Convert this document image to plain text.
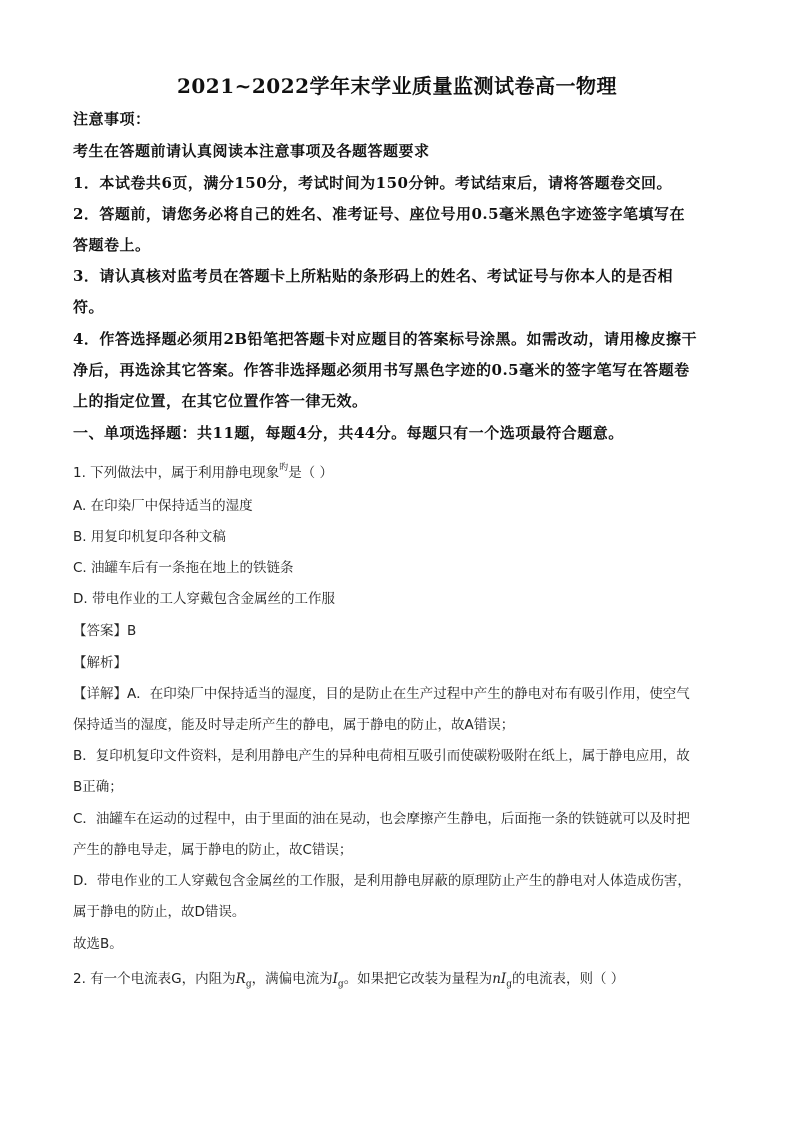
2021~2022学年末学业质量监测试卷高一物理
注意事项：
考生在答题前请认真阅读本注意事项及各题答题要求
1．本试卷共6页，满分150分，考试时间为150分钟。考试结束后，请将答题卷交回。
2．答题前，请您务必将自己的姓名、准考证号、座位号用0.5毫米黑色字迹签字笔填写在
答题卷上。
3．请认真核对监考员在答题卡上所粘贴的条形码上的姓名、考试证号与你本人的是否相
符。
4．作答选择题必须用2B铅笔把答题卡对应题目的答案标号涂黑。如需改动，请用橡皮擦干
净后，再选涂其它答案。作答非选择题必须用书写黑色字迹的0.5毫米的签字笔写在答题卷
上的指定位置，在其它位置作答一律无效。
一、单项选择题：共11题，每题4分，共44分。每题只有一个选项最符合题意。
1. 下列做法中，属于利用静电现象$^旳$是（ ）
A. 在印染厂中保持适当的湿度
B. 用复印机复印各种文稿
C. 油罐车后有一条拖在地上的铁链条
D. 带电作业的工人穿戴包含金属丝的工作服
【答案】B
【解析】
【详解】A．在印染厂中保持适当的湿度，目的是防止在生产过程中产生的静电对布有吸引作用，使空气
保持适当的湿度，能及时导走所产生的静电，属于静电的防止，故A错误；
B．复印机复印文件资料，是利用静电产生的异种电荷相互吸引而使碳粉吸附在纸上，属于静电应用，故
B正确；
C．油罐车在运动的过程中，由于里面的油在晃动，也会摩擦产生静电，后面拖一条的铁链就可以及时把
产生的静电导走，属于静电的防止，故C错误；
D．带电作业的工人穿戴包含金属丝的工作服，是利用静电屏蔽的原理防止产生的静电对人体造成伤害，
属于静电的防止，故D错误。
故选B。
2. 有一个电流表G，内阻为$R_g$，满偏电流为$I_g$。如果把它改装为量程为$nI_g$的电流表，则（ ）
